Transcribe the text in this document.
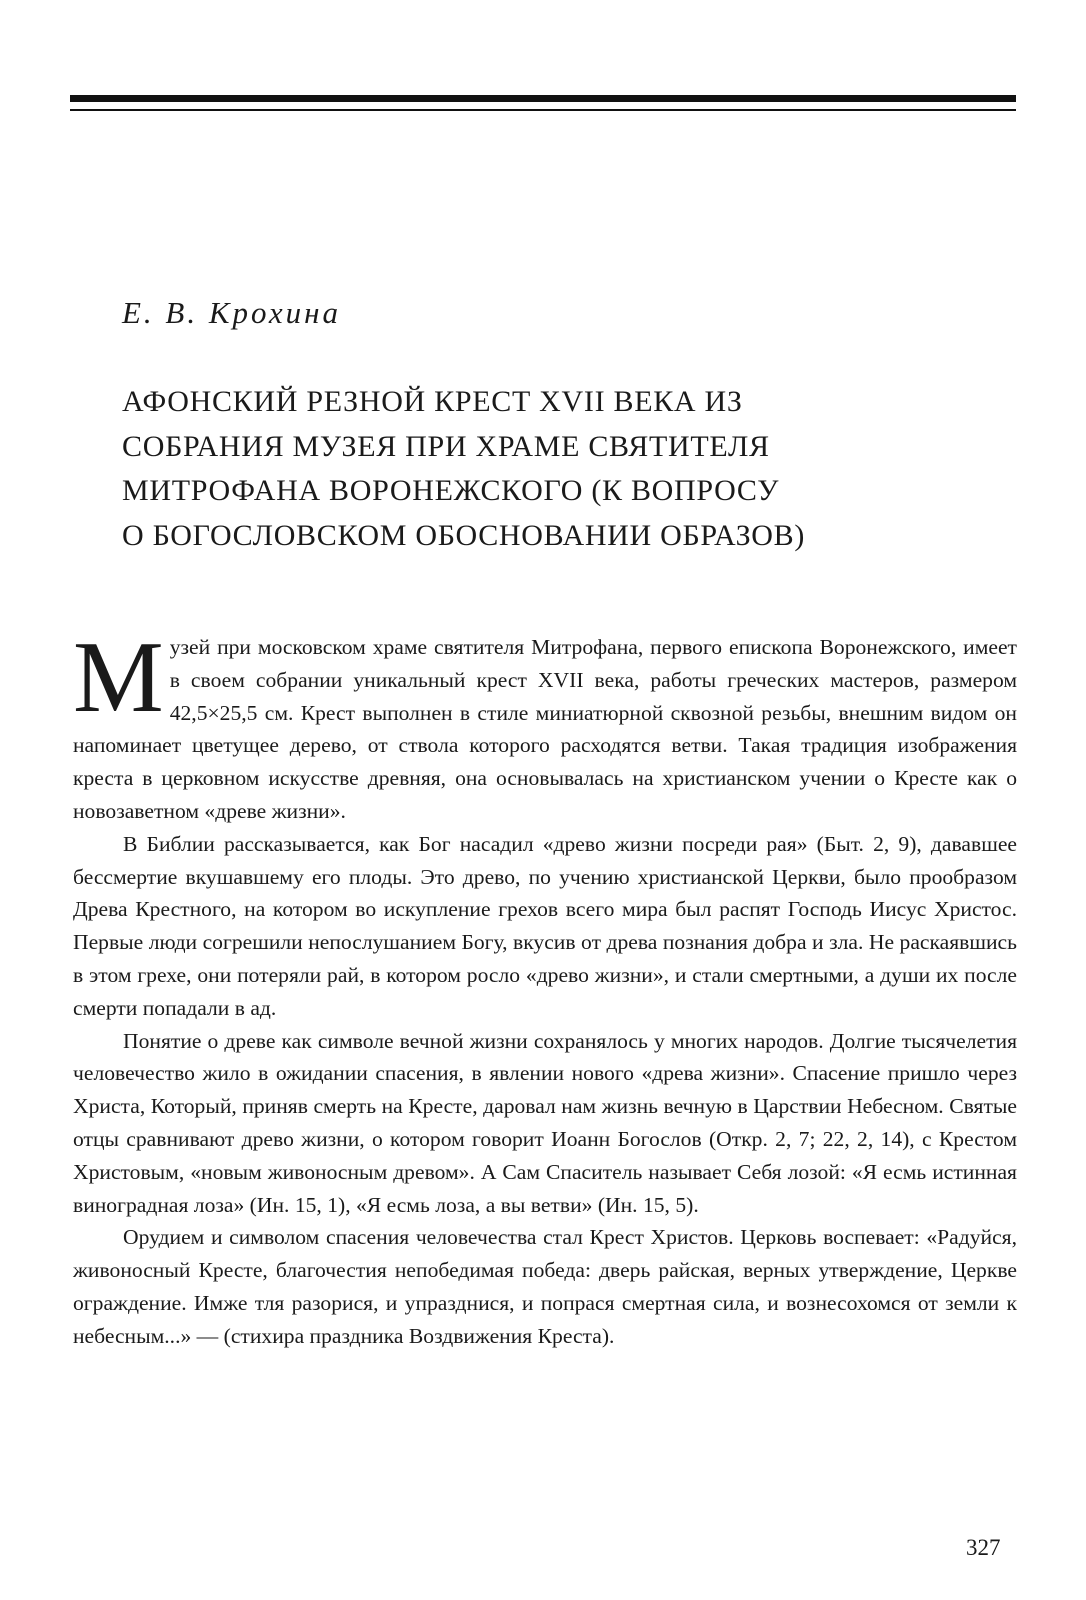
Е. В. Крохина
АФОНСКИЙ РЕЗНОЙ КРЕСТ XVII ВЕКА ИЗ
СОБРАНИЯ МУЗЕЯ ПРИ ХРАМЕ СВЯТИТЕЛЯ
МИТРОФАНА ВОРОНЕЖСКОГО (К ВОПРОСУ
О БОГОСЛОВСКОМ ОБОСНОВАНИИ ОБРАЗОВ)

Музей при московском храме святителя Митрофана, первого епископа Воронежского, имеет в своем собрании уникальный крест XVII века, работы греческих мастеров, размером 42,5×25,5 см. Крест выполнен в стиле миниатюрной сквозной резьбы, внешним видом он напоминает цветущее дерево, от ствола которого расходятся ветви. Такая традиция изображения креста в церковном искусстве древняя, она основывалась на христианском учении о Кресте как о новозаветном «древе жизни».

В Библии рассказывается, как Бог насадил «древо жизни посреди рая» (Быт. 2, 9), дававшее бессмертие вкушавшему его плоды. Это древо, по учению христианской Церкви, было прообразом Древа Крестного, на котором во искупление грехов всего мира был распят Господь Иисус Христос. Первые люди согрешили непослушанием Богу, вкусив от древа познания добра и зла. Не раскаявшись в этом грехе, они потеряли рай, в котором росло «древо жизни», и стали смертными, а души их после смерти попадали в ад.

Понятие о древе как символе вечной жизни сохранялось у многих народов. Долгие тысячелетия человечество жило в ожидании спасения, в явлении нового «древа жизни». Спасение пришло через Христа, Который, приняв смерть на Кресте, даровал нам жизнь вечную в Царствии Небесном. Святые отцы сравнивают древо жизни, о котором говорит Иоанн Богослов (Откр. 2, 7; 22, 2, 14), с Крестом Христовым, «новым живоносным древом». А Сам Спаситель называет Себя лозой: «Я есмь истинная виноградная лоза» (Ин. 15, 1), «Я есмь лоза, а вы ветви» (Ин. 15, 5).

Орудием и символом спасения человечества стал Крест Христов. Церковь воспевает: «Радуйся, живоносный Кресте, благочестия непобедимая победа: дверь райская, верных утверждение, Церкве ограждение. Имже тля разорися, и упразднися, и попрася смертная сила, и вознесохомся от земли к небесным...» — (стихира праздника Воздвижения Креста).

327
